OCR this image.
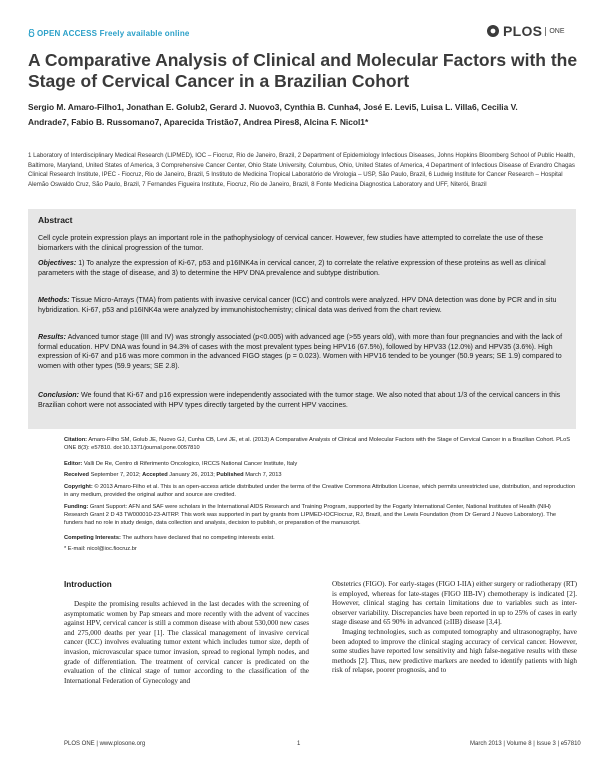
OPEN ACCESS Freely available online	PLOS	ONE
A Comparative Analysis of Clinical and Molecular Factors with the Stage of Cervical Cancer in a Brazilian Cohort
Sergio M. Amaro-Filho1, Jonathan E. Golub2, Gerard J. Nuovo3, Cynthia B. Cunha4, José E. Levi5, Luisa L. Villa6, Cecilia V. Andrade7, Fabio B. Russomano7, Aparecida Tristão7, Andrea Pires8, Alcina F. Nicol1*
1 Laboratory of Interdisciplinary Medical Research (LIPMED), IOC – Fiocruz, Rio de Janeiro, Brazil, 2 Department of Epidemiology Infectious Diseases, Johns Hopkins Bloomberg School of Public Health, Baltimore, Maryland, United States of America, 3 Comprehensive Cancer Center, Ohio State University, Columbus, Ohio, United States of America, 4 Department of Infectious Disease of Evandro Chagas Clinical Research Institute, IPEC - Fiocruz, Rio de Janeiro, Brazil, 5 Instituto de Medicina Tropical Laboratório de Virologia – USP, São Paulo, Brazil, 6 Ludwig Institute for Cancer Research – Hospital Alemão Oswaldo Cruz, São Paulo, Brazil, 7 Fernandes Figueira Institute, Fiocruz, Rio de Janeiro, Brazil, 8 Fonte Medicina Diagnostica Laboratory and UFF, Niterói, Brazil
Abstract
Cell cycle protein expression plays an important role in the pathophysiology of cervical cancer. However, few studies have attempted to correlate the use of these biomarkers with the clinical progression of the tumor.
Objectives: 1) To analyze the expression of Ki-67, p53 and p16INK4a in cervical cancer, 2) to correlate the relative expression of these proteins as well as clinical parameters with the stage of disease, and 3) to determine the HPV DNA prevalence and subtype distribution.
Methods: Tissue Micro-Arrays (TMA) from patients with invasive cervical cancer (ICC) and controls were analyzed. HPV DNA detection was done by PCR and in situ hybridization. Ki-67, p53 and p16INK4a were analyzed by immunohistochemistry; clinical data was derived from the chart review.
Results: Advanced tumor stage (III and IV) was strongly associated (p<0.005) with advanced age (>55 years old), with more than four pregnancies and with the lack of formal education. HPV DNA was found in 94.3% of cases with the most prevalent types being HPV16 (67.5%), followed by HPV33 (12.0%) and HPV35 (3.6%). High expression of Ki-67 and p16 was more common in the advanced FIGO stages (p = 0.023). Women with HPV16 tended to be younger (50.9 years; SE 1.9) compared to women with other types (59.9 years; SE 2.8).
Conclusion: We found that Ki-67 and p16 expression were independently associated with the tumor stage. We also noted that about 1/3 of the cervical cancers in this Brazilian cohort were not associated with HPV types directly targeted by the current HPV vaccines.
Citation: Amaro-Filho SM, Golub JE, Nuovo GJ, Cunha CB, Levi JE, et al. (2013) A Comparative Analysis of Clinical and Molecular Factors with the Stage of Cervical Cancer in a Brazilian Cohort. PLoS ONE 8(3): e57810. doi:10.1371/journal.pone.0057810
Editor: Valli De Re, Centro di Riferimento Oncologico, IRCCS National Cancer Institute, Italy
Received September 7, 2012; Accepted January 26, 2013; Published March 7, 2013
Copyright: © 2013 Amaro-Filho et al. This is an open-access article distributed under the terms of the Creative Commons Attribution License, which permits unrestricted use, distribution, and reproduction in any medium, provided the original author and source are credited.
Funding: Grant Support: AFN and SAF were scholars in the International AIDS Research and Training Program, supported by the Fogarty International Center, National Institutes of Health (NIH) Research Grant 2 D 43 TW000010-23-AITRP. This work was supported in part by grants from LIPMED-IOCFiocruz, RJ, Brazil, and the Lewis Foundation (from Dr Gerard J Nuovo Laboratory). The funders had no role in study design, data collection and analysis, decision to publish, or preparation of the manuscript.
Competing Interests: The authors have declared that no competing interests exist.
* E-mail: nicol@ioc.fiocruz.br
Introduction
Despite the promising results achieved in the last decades with the screening of asymptomatic women by Pap smears and more recently with the advent of vaccines against HPV, cervical cancer is still a common disease with about 530,000 new cases and 275,000 deaths per year [1]. The classical management of invasive cervical cancer (ICC) involves evaluating tumor extent which includes tumor size, depth of invasion, microvascular space tumor invasion, spread to regional lymph nodes, and grade of differentiation. The treatment of cervical cancer is predicated on the evaluation of the clinical stage of tumor according to the classification of the International Federation of Gynecology and
Obstetrics (FIGO). For early-stages (FIGO I-IIA) either surgery or radiotherapy (RT) is employed, whereas for late-stages (FIGO IIB-IV) chemotherapy is indicated [2]. However, clinical staging has certain limitations due to variables such as inter-observer variability. Discrepancies have been reported in up to 25% of cases in early stage disease and 65 90% in advanced (≥IIB) disease [3,4].
Imaging technologies, such as computed tomography and ultrasonography, have been adopted to improve the clinical staging accuracy of cervical cancer. However, some studies have reported low sensitivity and high false-negative results with these methods [2]. Thus, new predictive markers are needed to identify patients with high risk of relapse, poorer prognosis, and to
PLOS ONE | www.plosone.org	1	March 2013 | Volume 8 | Issue 3 | e57810
